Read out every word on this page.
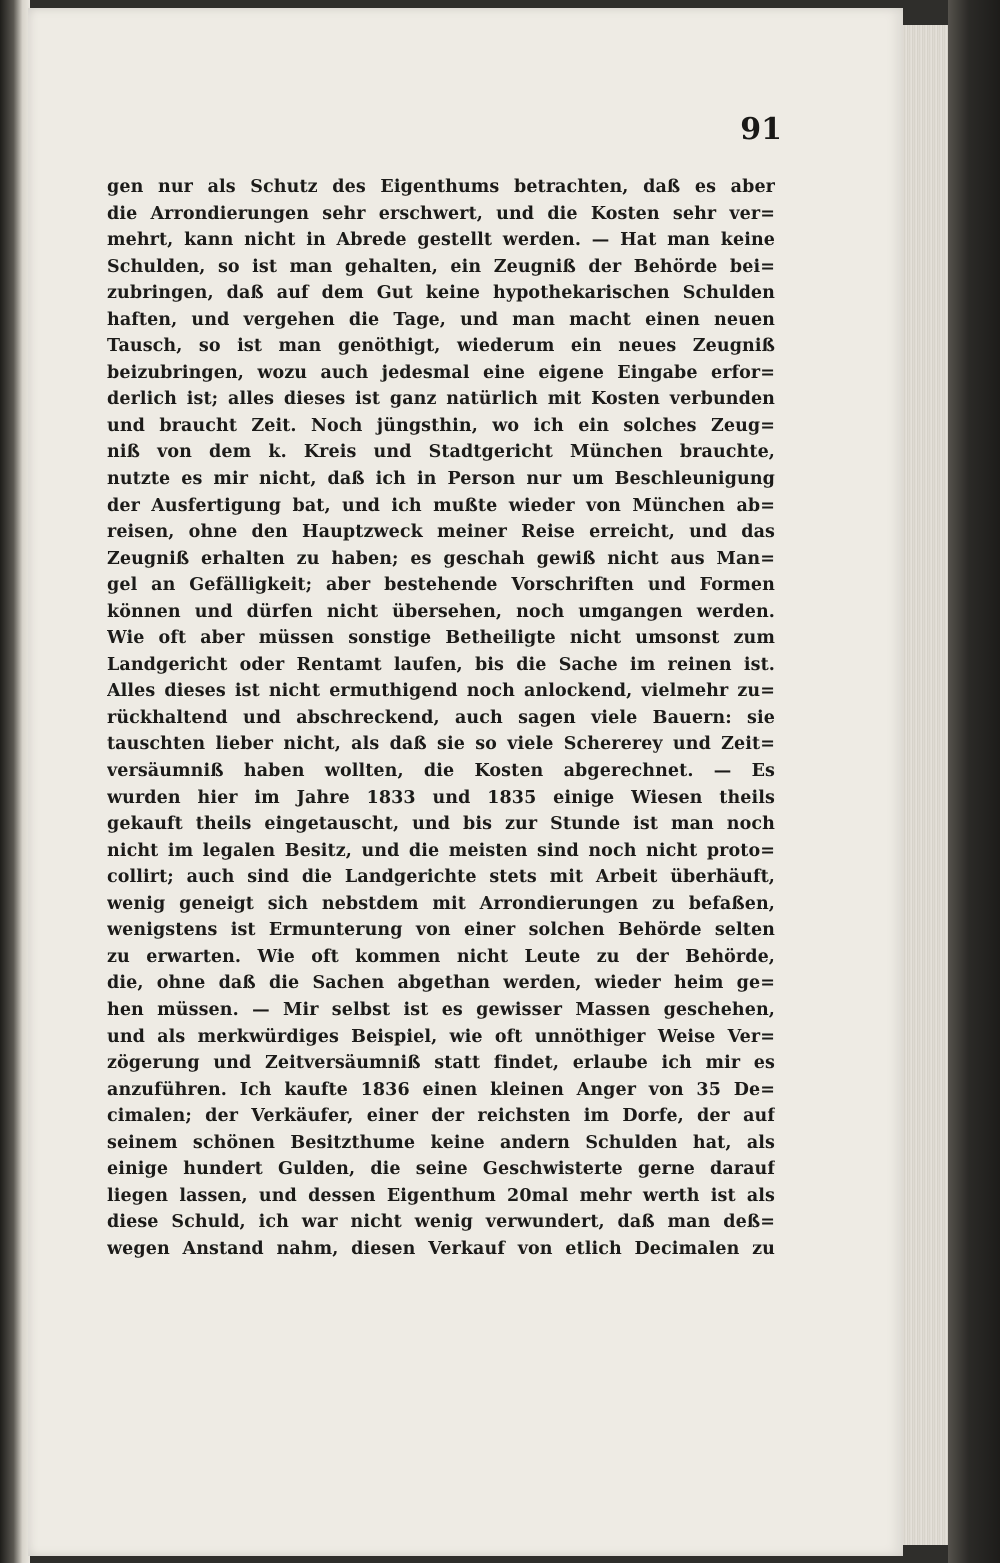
91
gen nur als Schutz des Eigenthums betrachten, daß es aber
die Arrondierungen sehr erschwert, und die Kosten sehr ver=
mehrt, kann nicht in Abrede gestellt werden. — Hat man keine
Schulden, so ist man gehalten, ein Zeugniß der Behörde bei=
zubringen, daß auf dem Gut keine hypothekarischen Schulden
haften, und vergehen die Tage, und man macht einen neuen
Tausch, so ist man genöthigt, wiederum ein neues Zeugniß
beizubringen, wozu auch jedesmal eine eigene Eingabe erfor=
derlich ist; alles dieses ist ganz natürlich mit Kosten verbunden
und braucht Zeit. Noch jüngsthin, wo ich ein solches Zeug=
niß von dem k. Kreis und Stadtgericht München brauchte,
nutzte es mir nicht, daß ich in Person nur um Beschleunigung
der Ausfertigung bat, und ich mußte wieder von München ab=
reisen, ohne den Hauptzweck meiner Reise erreicht, und das
Zeugniß erhalten zu haben; es geschah gewiß nicht aus Man=
gel an Gefälligkeit; aber bestehende Vorschriften und Formen
können und dürfen nicht übersehen, noch umgangen werden.
Wie oft aber müssen sonstige Betheiligte nicht umsonst zum
Landgericht oder Rentamt laufen, bis die Sache im reinen ist.
Alles dieses ist nicht ermuthigend noch anlockend, vielmehr zu=
rückhaltend und abschreckend, auch sagen viele Bauern: sie
tauschten lieber nicht, als daß sie so viele Schererey und Zeit=
versäumniß haben wollten, die Kosten abgerechnet. — Es
wurden hier im Jahre 1833 und 1835 einige Wiesen theils
gekauft theils eingetauscht, und bis zur Stunde ist man noch
nicht im legalen Besitz, und die meisten sind noch nicht proto=
collirt; auch sind die Landgerichte stets mit Arbeit überhäuft,
wenig geneigt sich nebstdem mit Arrondierungen zu befaßen,
wenigstens ist Ermunterung von einer solchen Behörde selten
zu erwarten. Wie oft kommen nicht Leute zu der Behörde,
die, ohne daß die Sachen abgethan werden, wieder heim ge=
hen müssen. — Mir selbst ist es gewisser Massen geschehen,
und als merkwürdiges Beispiel, wie oft unnöthiger Weise Ver=
zögerung und Zeitversäumniß statt findet, erlaube ich mir es
anzuführen. Ich kaufte 1836 einen kleinen Anger von 35 De=
cimalen; der Verkäufer, einer der reichsten im Dorfe, der auf
seinem schönen Besitzthume keine andern Schulden hat, als
einige hundert Gulden, die seine Geschwisterte gerne darauf
liegen lassen, und dessen Eigenthum 20mal mehr werth ist als
diese Schuld, ich war nicht wenig verwundert, daß man deß=
wegen Anstand nahm, diesen Verkauf von etlich Decimalen zu
